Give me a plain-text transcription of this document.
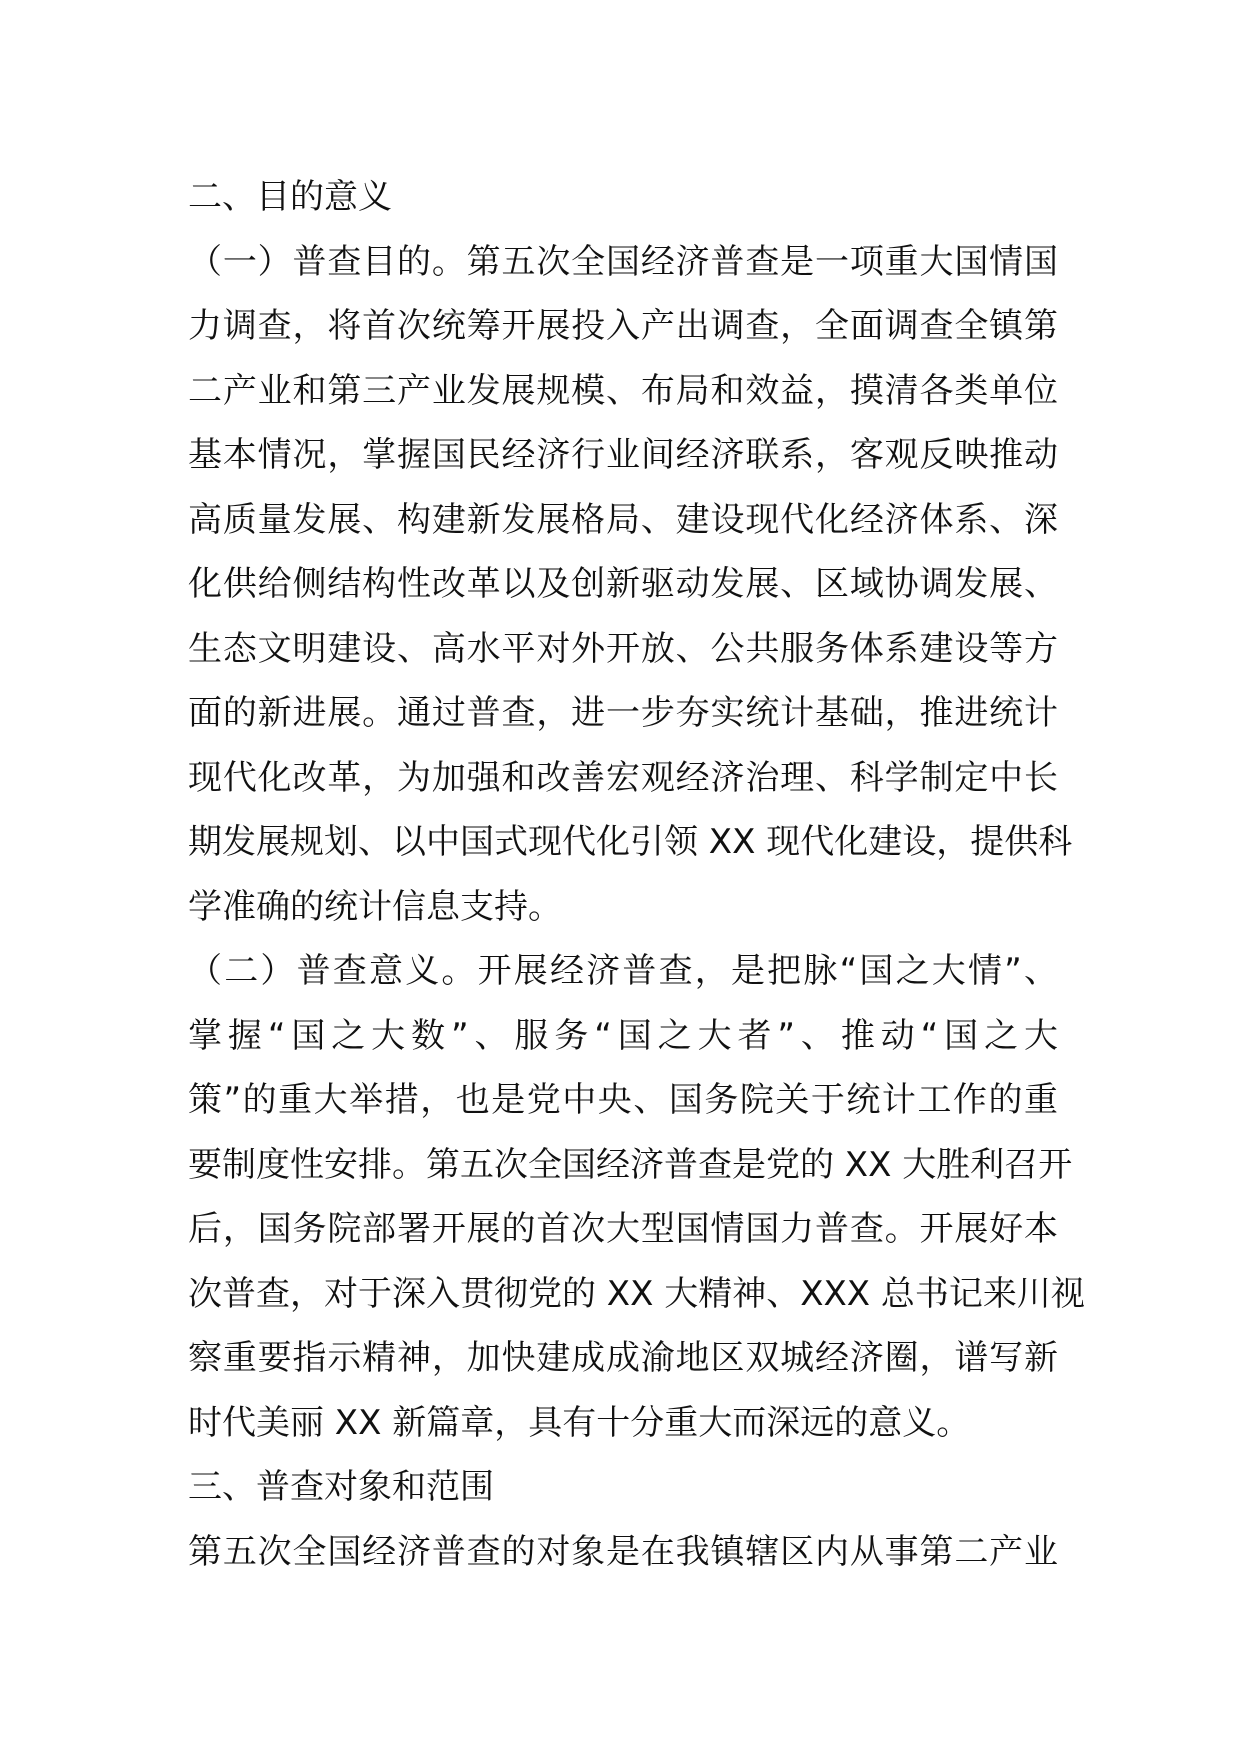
二、目的意义
（一）普查目的。第五次全国经济普查是一项重大国情国
力调查，将首次统筹开展投入产出调查，全面调查全镇第
二产业和第三产业发展规模、布局和效益，摸清各类单位
基本情况，掌握国民经济行业间经济联系，客观反映推动
高质量发展、构建新发展格局、建设现代化经济体系、深
化供给侧结构性改革以及创新驱动发展、区域协调发展、
生态文明建设、高水平对外开放、公共服务体系建设等方
面的新进展。通过普查，进一步夯实统计基础，推进统计
现代化改革，为加强和改善宏观经济治理、科学制定中长
期发展规划、以中国式现代化引领 XX 现代化建设，提供科
学准确的统计信息支持。
（二）普查意义。开展经济普查，是把脉“国之大情”、
掌握“国之大数”、服务“国之大者”、推动“国之大
策”的重大举措，也是党中央、国务院关于统计工作的重
要制度性安排。第五次全国经济普查是党的 XX 大胜利召开
后，国务院部署开展的首次大型国情国力普查。开展好本
次普查，对于深入贯彻党的 XX 大精神、XXX 总书记来川视
察重要指示精神，加快建成成渝地区双城经济圈，谱写新
时代美丽 XX 新篇章，具有十分重大而深远的意义。
三、普查对象和范围
第五次全国经济普查的对象是在我镇辖区内从事第二产业
